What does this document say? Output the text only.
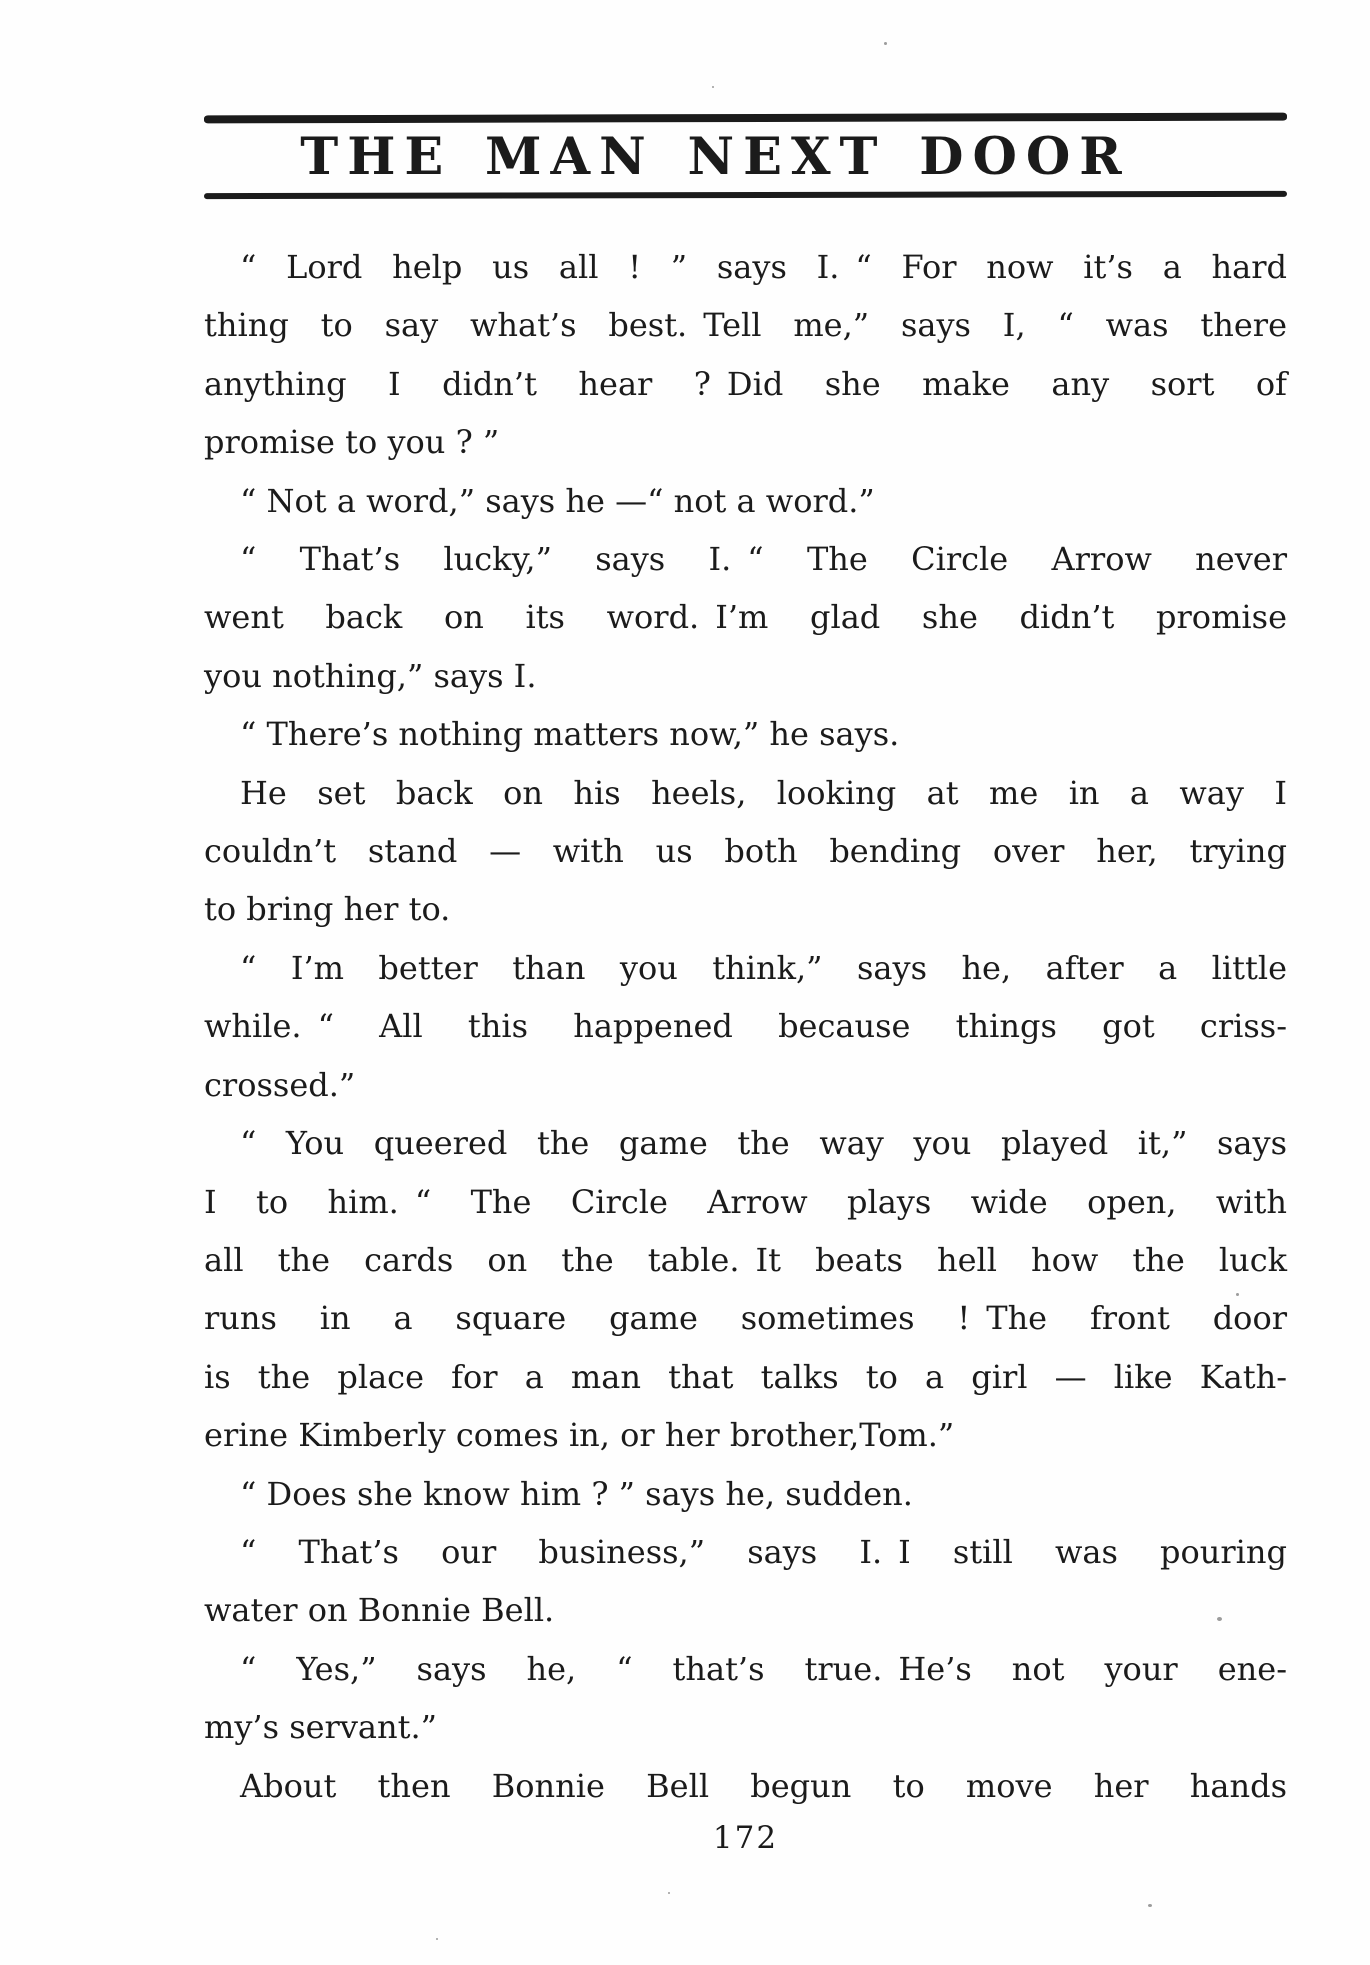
THE MAN NEXT DOOR
“ Lord help us all ! ” says I. “ For now it’s a hard
thing to say what’s best. Tell me,” says I, “ was there
anything I didn’t hear ? Did she make any sort of
promise to you ? ”
“ Not a word,” says he —“ not a word.”
“ That’s lucky,” says I. “ The Circle Arrow never
went back on its word. I’m glad she didn’t promise
you nothing,” says I.
“ There’s nothing matters now,” he says.
He set back on his heels, looking at me in a way I
couldn’t stand — with us both bending over her, trying
to bring her to.
“ I’m better than you think,” says he, after a little
while. “ All this happened because things got criss-
crossed.”
“ You queered the game the way you played it,” says
I to him. “ The Circle Arrow plays wide open, with
all the cards on the table. It beats hell how the luck
runs in a square game sometimes ! The front door
is the place for a man that talks to a girl — like Kath-
erine Kimberly comes in, or her brother,Tom.”
“ Does she know him ? ” says he, sudden.
“ That’s our business,” says I. I still was pouring
water on Bonnie Bell.
“ Yes,” says he, “ that’s true. He’s not your ene-
my’s servant.”
About then Bonnie Bell begun to move her hands
172
